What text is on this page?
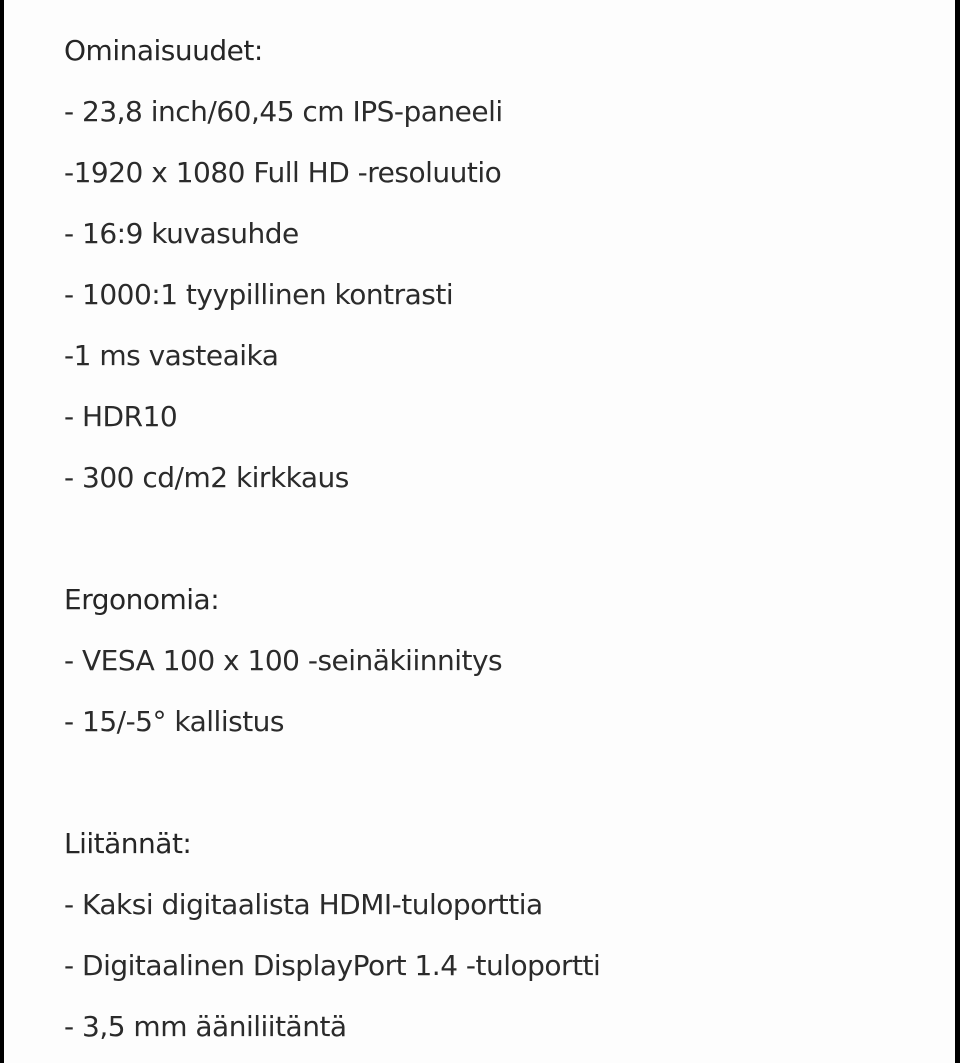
Ominaisuudet:
- 23,8 inch/60,45 cm IPS-paneeli
-1920 x 1080 Full HD -resoluutio
- 16:9 kuvasuhde
- 1000:1 tyypillinen kontrasti
-1 ms vasteaika
- HDR10
- 300 cd/m2 kirkkaus
Ergonomia:
- VESA 100 x 100 -seinäkiinnitys
- 15/-5° kallistus
Liitännät:
- Kaksi digitaalista HDMI-tuloporttia
- Digitaalinen DisplayPort 1.4 -tuloportti
- 3,5 mm ääniliitäntä
